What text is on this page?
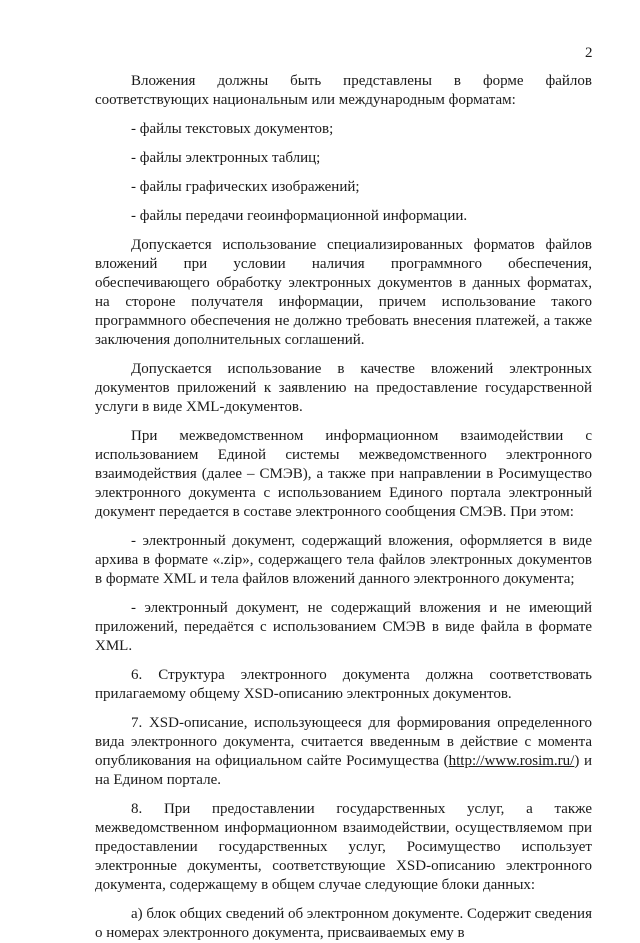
2

Вложения должны быть представлены в форме файлов соответствующих национальным или международным форматам:

- файлы текстовых документов;

- файлы электронных таблиц;

- файлы графических изображений;

- файлы передачи геоинформационной информации.

Допускается использование специализированных форматов файлов вложений при условии наличия программного обеспечения, обеспечивающего обработку электронных документов в данных форматах, на стороне получателя информации, причем использование такого программного обеспечения не должно требовать внесения платежей, а также заключения дополнительных соглашений.

Допускается использование в качестве вложений электронных документов приложений к заявлению на предоставление государственной услуги в виде XML-документов.

При межведомственном информационном взаимодействии с использованием Единой системы межведомственного электронного взаимодействия (далее – СМЭВ), а также при направлении в Росимущество электронного документа с использованием Единого портала электронный документ передается в составе электронного сообщения СМЭВ. При этом:

- электронный документ, содержащий вложения, оформляется в виде архива в формате «.zip», содержащего тела файлов электронных документов в формате XML и тела файлов вложений данного электронного документа;

- электронный документ, не содержащий вложения и не имеющий приложений, передаётся с использованием СМЭВ в виде файла в формате XML.

6. Структура электронного документа должна соответствовать прилагаемому общему XSD-описанию электронных документов.

7. XSD-описание, использующееся для формирования определенного вида электронного документа, считается введенным в действие с момента опубликования на официальном сайте Росимущества (http://www.rosim.ru/) и на Едином портале.

8. При предоставлении государственных услуг, а также межведомственном информационном взаимодействии, осуществляемом при предоставлении государственных услуг, Росимущество использует электронные документы, соответствующие XSD-описанию электронного документа, содержащему в общем случае следующие блоки данных:

а) блок общих сведений об электронном документе. Содержит сведения о номерах электронного документа, присваиваемых ему в
